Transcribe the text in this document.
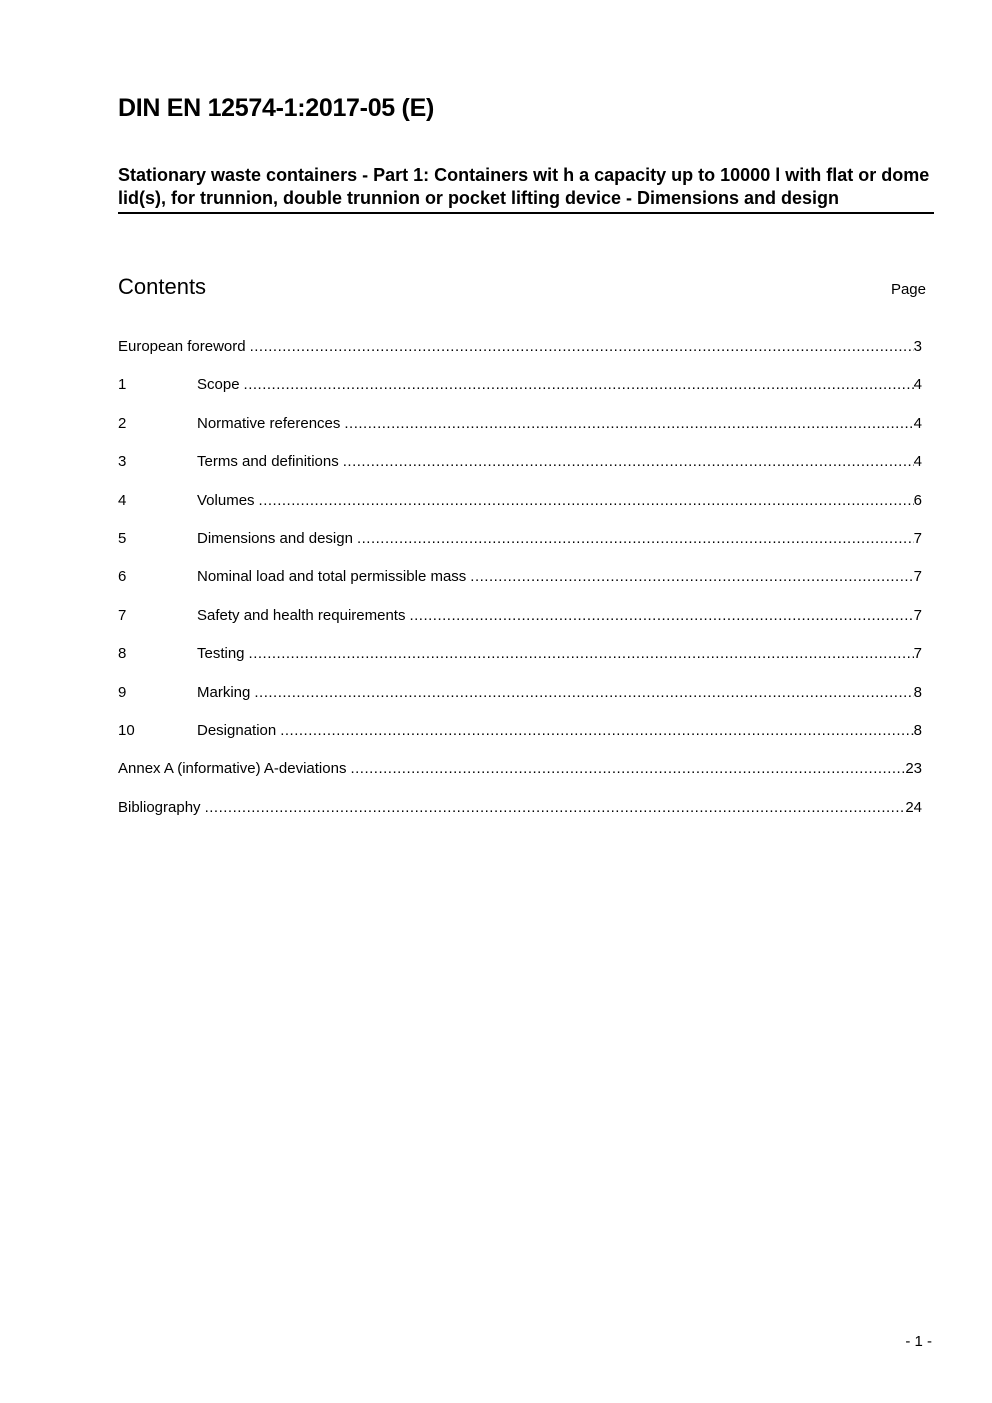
DIN EN 12574-1:2017-05 (E)
Stationary waste containers - Part 1: Containers wit h a capacity up to 10000 l with flat or dome lid(s), for trunnion, double trunnion or pocket lifting device - Dimensions and design
Contents	Page
European foreword .....	3
1	Scope .....	4
2	Normative references .....	4
3	Terms and definitions .....	4
4	Volumes .....	6
5	Dimensions and design .....	7
6	Nominal load and total permissible mass .....	7
7	Safety and health requirements .....	7
8	Testing .....	7
9	Marking .....	8
10	Designation .....	8
Annex A (informative) A-deviations .....	23
Bibliography .....	24
- 1 -
